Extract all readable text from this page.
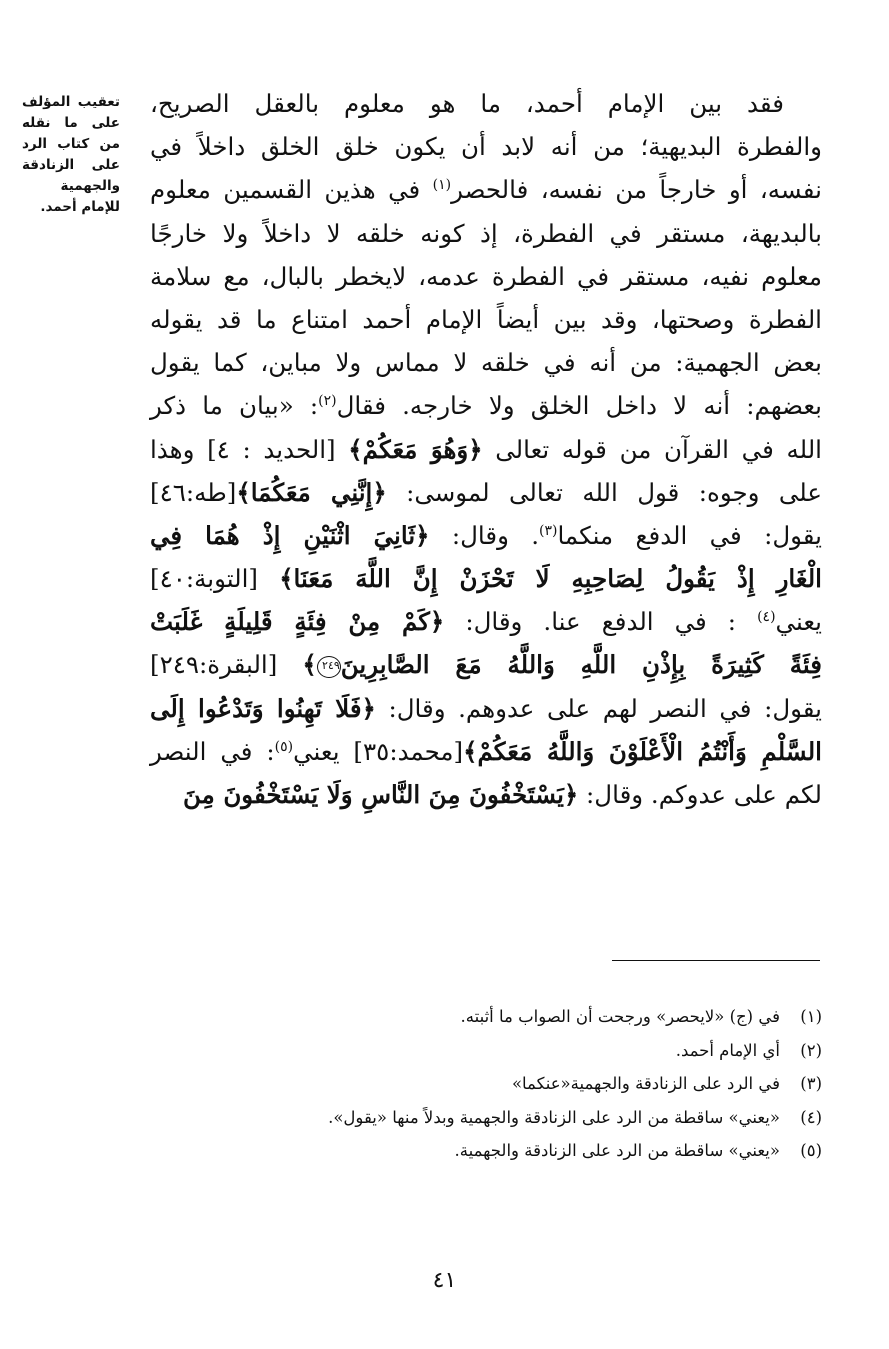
تعقيب المؤلف على ما نقله من كتاب الرد على الزنادقة والجهمية للإمام أحمد.
فقد بين الإمام أحمد، ما هو معلوم بالعقل الصريح،
والفطرة البديهية؛ من أنه لابد أن يكون خلق الخلق داخلاً في
نفسه، أو خارجاً من نفسه، فالحصر$^{(١)}$ في هذين القسمين معلوم
بالبديهة، مستقر في الفطرة، إذ كونه خلقه لا داخلاً ولا خارجًا
معلوم نفيه، مستقر في الفطرة عدمه، لايخطر بالبال، مع سلامة
الفطرة وصحتها، وقد بين أيضاً الإمام أحمد امتناع ما قد يقوله
بعض الجهمية: من أنه في خلقه لا مماس ولا مباين، كما يقول
بعضهم: أنه لا داخل الخلق ولا خارجه. فقال$^{(٢)}$: «بيان ما ذكر
الله في القرآن من قوله تعالى ﴿وَهُوَ مَعَكُمْ﴾ [الحديد : ٤] وهذا
على وجوه: قول الله تعالى لموسى: ﴿إِنَّنِي مَعَكُمَا﴾[طه:٤٦]
يقول: في الدفع منكما$^{(٣)}$. وقال: ﴿ثَانِيَ اثْنَيْنِ إِذْ هُمَا فِي
الْغَارِ إِذْ يَقُولُ لِصَاحِبِهِ لَا تَحْزَنْ إِنَّ اللَّهَ مَعَنَا﴾ [التوبة:٤٠]
يعني$^{(٤)}$ : في الدفع عنا. وقال: ﴿كَمْ مِنْ فِئَةٍ قَلِيلَةٍ غَلَبَتْ
فِئَةً كَثِيرَةً بِإِذْنِ اللَّهِ وَاللَّهُ مَعَ الصَّابِرِينَ٢٤٩﴾ [البقرة:٢٤٩]
يقول: في النصر لهم على عدوهم. وقال: ﴿فَلَا تَهِنُوا وَتَدْعُوا إِلَى
السَّلْمِ وَأَنْتُمُ الْأَعْلَوْنَ وَاللَّهُ مَعَكُمْ﴾[محمد:٣٥] يعني$^{(٥)}$: في النصر
لكم على عدوكم. وقال: ﴿يَسْتَخْفُونَ مِنَ النَّاسِ وَلَا يَسْتَخْفُونَ مِنَ
(١)في (ج) «لايحصر» ورجحت أن الصواب ما أثبته.
(٢)أي الإمام أحمد.
(٣)في الرد على الزنادقة والجهمية«عنكما»
(٤)«يعني» ساقطة من الرد على الزنادقة والجهمية وبدلاً منها «يقول».
(٥)«يعني» ساقطة من الرد على الزنادقة والجهمية.
٤١
